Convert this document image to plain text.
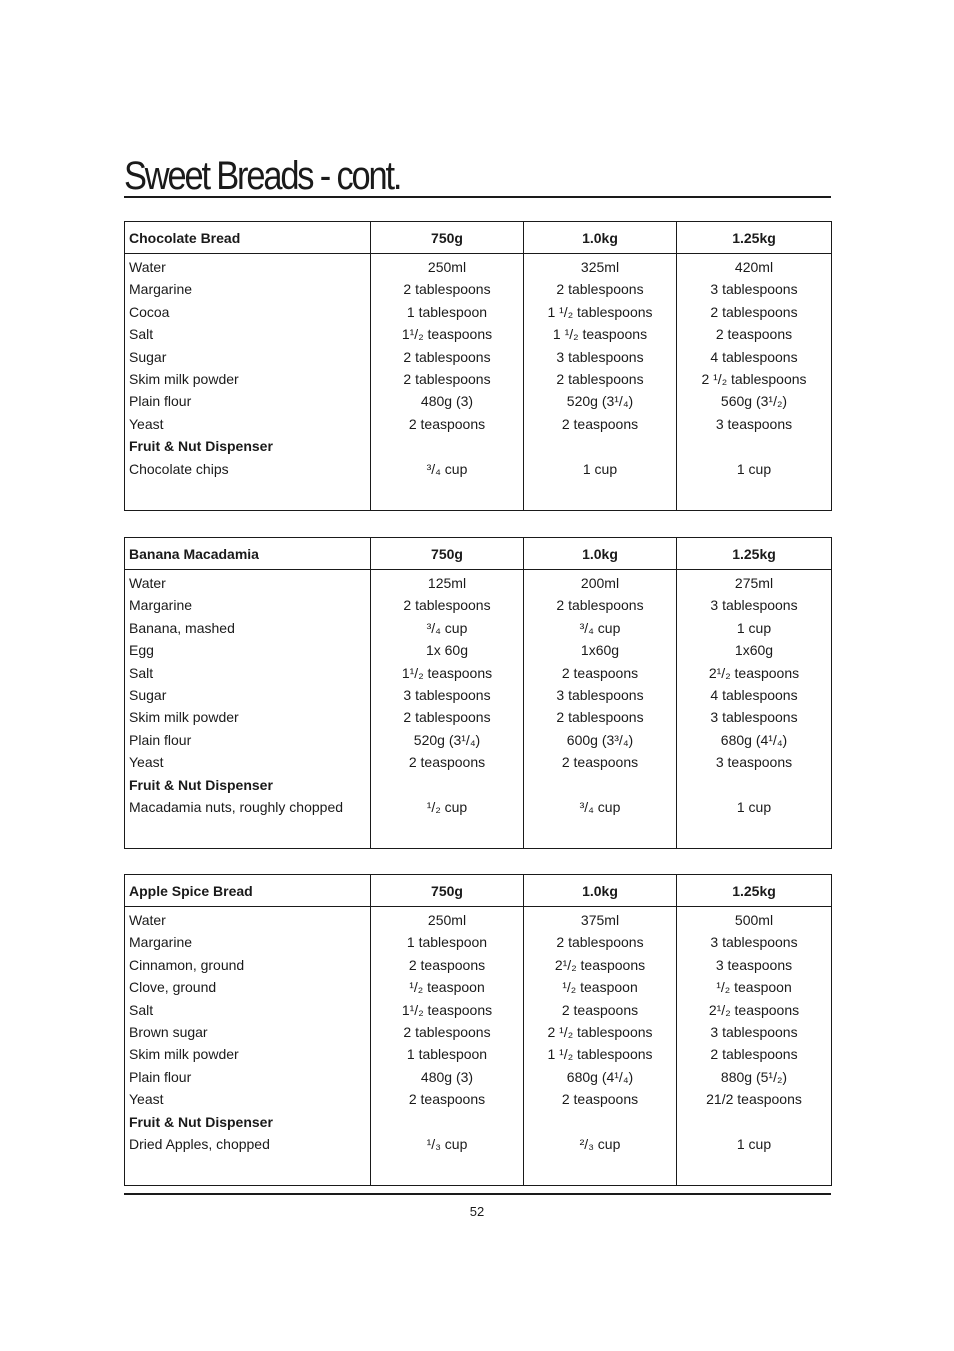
Sweet Breads - cont.
Chocolate Bread	750g	1.0kg	1.25kg
Water	250ml	325ml	420ml
Margarine	2 tablespoons	2 tablespoons	3 tablespoons
Cocoa	1 tablespoon	1 ¹/₂ tablespoons	2 tablespoons
Salt	1¹/₂ teaspoons	1 ¹/₂ teaspoons	2 teaspoons
Sugar	2 tablespoons	3 tablespoons	4 tablespoons
Skim milk powder	2 tablespoons	2 tablespoons	2 ¹/₂ tablespoons
Plain flour	480g (3)	520g (3¹/₄)	560g (3¹/₂)
Yeast	2 teaspoons	2 teaspoons	3 teaspoons
Fruit & Nut Dispenser			
Chocolate chips	³/₄ cup	1 cup	1 cup

Banana Macadamia	750g	1.0kg	1.25kg
Water	125ml	200ml	275ml
Margarine	2 tablespoons	2 tablespoons	3 tablespoons
Banana, mashed	³/₄ cup	³/₄ cup	1 cup
Egg	1x 60g	1x60g	1x60g
Salt	1¹/₂ teaspoons	2 teaspoons	2¹/₂ teaspoons
Sugar	3 tablespoons	3 tablespoons	4 tablespoons
Skim milk powder	2 tablespoons	2 tablespoons	3 tablespoons
Plain flour	520g (3¹/₄)	600g (3³/₄)	680g (4¹/₄)
Yeast	2 teaspoons	2 teaspoons	3 teaspoons
Fruit & Nut Dispenser			
Macadamia nuts, roughly chopped	¹/₂ cup	³/₄ cup	1 cup

Apple Spice Bread	750g	1.0kg	1.25kg
Water	250ml	375ml	500ml
Margarine	1 tablespoon	2 tablespoons	3 tablespoons
Cinnamon, ground	2 teaspoons	2¹/₂ teaspoons	3 teaspoons
Clove, ground	¹/₂ teaspoon	¹/₂ teaspoon	¹/₂ teaspoon
Salt	1¹/₂ teaspoons	2 teaspoons	2¹/₂ teaspoons
Brown sugar	2 tablespoons	2 ¹/₂ tablespoons	3 tablespoons
Skim milk powder	1 tablespoon	1 ¹/₂ tablespoons	2 tablespoons
Plain flour	480g (3)	680g (4¹/₄)	880g (5¹/₂)
Yeast	2 teaspoons	2 teaspoons	21/2 teaspoons
Fruit & Nut Dispenser			
Dried Apples, chopped	¹/₃ cup	²/₃ cup	1 cup

52
